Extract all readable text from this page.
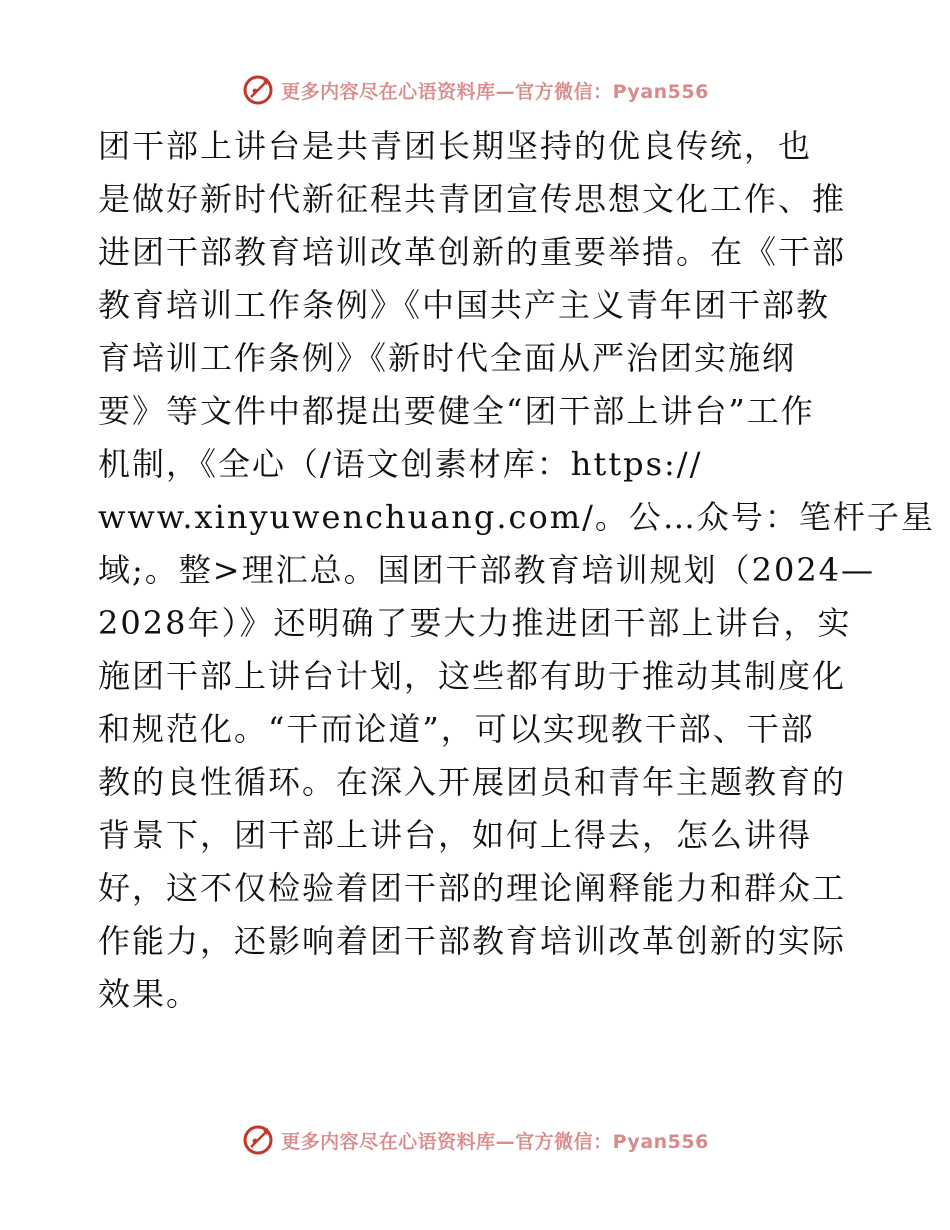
更多内容尽在心语资料库—官方微信：Pyan556
团干部上讲台是共青团长期坚持的优良传统，也
是做好新时代新征程共青团宣传思想文化工作、推
进团干部教育培训改革创新的重要举措。在《干部
教育培训工作条例》《中国共产主义青年团干部教
育培训工作条例》《新时代全面从严治团实施纲
要》等文件中都提出要健全“团干部上讲台”工作
机制，《全心（/语文创素材库：https://
www.xinyuwenchuang.com/。公…众号：笔杆子星
域;。整>理汇总。国团干部教育培训规划（2024—
2028年）》还明确了要大力推进团干部上讲台，实
施团干部上讲台计划，这些都有助于推动其制度化
和规范化。“干而论道”，可以实现教干部、干部
教的良性循环。在深入开展团员和青年主题教育的
背景下，团干部上讲台，如何上得去，怎么讲得
好，这不仅检验着团干部的理论阐释能力和群众工
作能力，还影响着团干部教育培训改革创新的实际
效果。
更多内容尽在心语资料库—官方微信：Pyan556
